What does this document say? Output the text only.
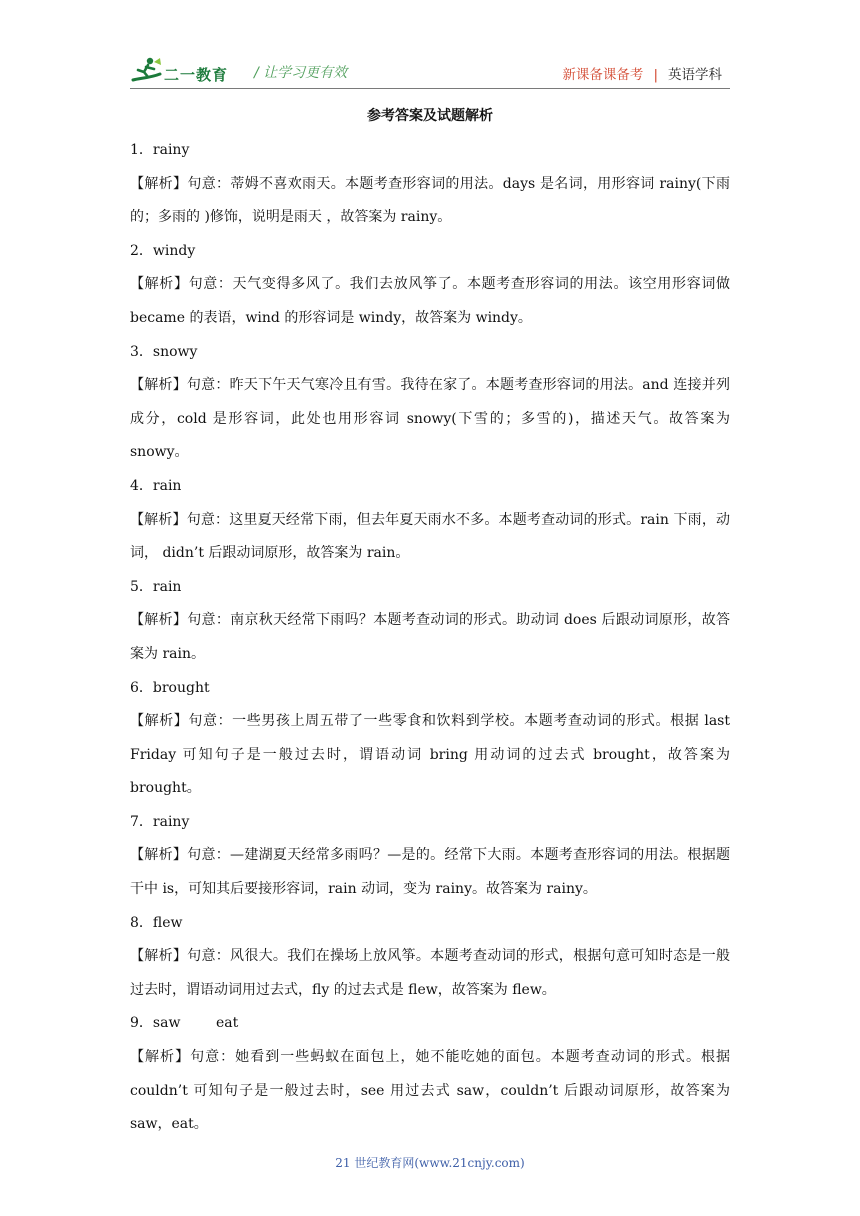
二一教育 / 让学习更有效	新课备课备考 | 英语学科
参考答案及试题解析

1．rainy

【解析】句意：蒂姆不喜欢雨天。本题考查形容词的用法。days 是名词，用形容词 rainy(下雨的；多雨的 )修饰，说明是雨天 ，故答案为 rainy。

2．windy

【解析】句意：天气变得多风了。我们去放风筝了。本题考查形容词的用法。该空用形容词做 became 的表语，wind 的形容词是 windy，故答案为 windy。

3．snowy

【解析】句意：昨天下午天气寒冷且有雪。我待在家了。本题考查形容词的用法。and 连接并列成分，cold 是形容词，此处也用形容词 snowy(下雪的；多雪的)，描述天气。故答案为 snowy。

4．rain

【解析】句意：这里夏天经常下雨，但去年夏天雨水不多。本题考查动词的形式。rain 下雨，动词， didn’t 后跟动词原形，故答案为 rain。

5．rain

【解析】句意：南京秋天经常下雨吗？本题考查动词的形式。助动词 does 后跟动词原形，故答案为 rain。

6．brought

【解析】句意：一些男孩上周五带了一些零食和饮料到学校。本题考查动词的形式。根据 last Friday 可知句子是一般过去时，谓语动词 bring 用动词的过去式 brought，故答案为 brought。

7．rainy

【解析】句意：—建湖夏天经常多雨吗？—是的。经常下大雨。本题考查形容词的用法。根据题干中 is，可知其后要接形容词，rain 动词，变为 rainy。故答案为 rainy。

8．flew

【解析】句意：风很大。我们在操场上放风筝。本题考查动词的形式，根据句意可知时态是一般过去时，谓语动词用过去式，fly 的过去式是 flew，故答案为 flew。

9．saw        eat

【解析】句意：她看到一些蚂蚁在面包上，她不能吃她的面包。本题考查动词的形式。根据 couldn’t 可知句子是一般过去时，see 用过去式 saw，couldn’t 后跟动词原形，故答案为 saw，eat。

21 世纪教育网(www.21cnjy.com)
